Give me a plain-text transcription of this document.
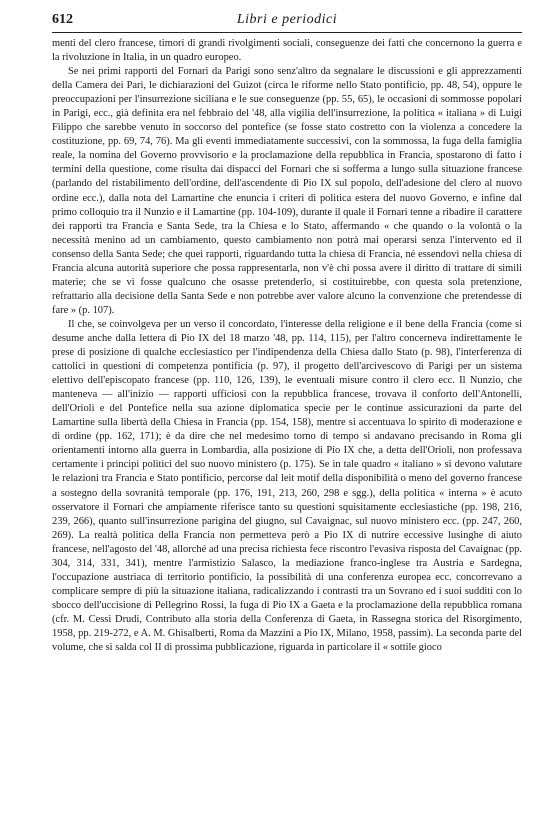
612	Libri e periodici

menti del clero francese, timori di grandi rivolgimenti sociali, conseguenze dei fatti che concernono la guerra e la rivoluzione in Italia, in un quadro europeo.

Se nei primi rapporti del Fornari da Parigi sono senz'altro da segnalare le discussioni e gli apprezzamenti della Camera dei Pari, le dichiarazioni del Guizot (circa le riforme nello Stato pontificio, pp. 48, 54), oppure le preoccupazioni per l'insurrezione siciliana e le sue conseguenze (pp. 55, 65), le occasioni di sommosse popolari in Parigi, ecc., già definita era nel febbraio del '48, alla vigilia dell'insurrezione, la politica « italiana » di Luigi Filippo che sarebbe venuto in soccorso del pontefice (se fosse stato costretto con la violenza a concedere la costituzione, pp. 69, 74, 76). Ma gli eventi immediatamente successivi, con la sommossa, la fuga della famiglia reale, la nomina del Governo provvisorio e la proclamazione della repubblica in Francia, spostarono di fatto i termini della questione, come risulta dai dispacci del Fornari che si sofferma a lungo sulla situazione francese (parlando del ristabilimento dell'ordine, dell'ascendente di Pio IX sul popolo, dell'adesione del clero al nuovo ordine ecc.), dalla nota del Lamartine che enuncia i criteri di politica estera del nuovo Governo, e infine dal primo colloquio tra il Nunzio e il Lamartine (pp. 104-109), durante il quale il Fornari tenne a ribadire il carattere dei rapporti tra Francia e Santa Sede, tra la Chiesa e lo Stato, affermando « che quando o la volontà o la necessità menino ad un cambiamento, questo cambiamento non potrà mai operarsi senza l'intervento ed il consenso della Santa Sede; che quei rapporti, riguardando tutta la chiesa di Francia, né essendovi nella chiesa di Francia alcuna autorità superiore che possa rappresentarla, non v'è chi possa avere il diritto di trattare di simili materie; che se vi fosse qualcuno che osasse pretenderlo, si costituirebbe, con questa sola pretenzione, refrattario alla decisione della Santa Sede e non potrebbe aver valore alcuno la convenzione che pretendesse di fare » (p. 107).

Il che, se coinvolgeva per un verso il concordato, l'interesse della religione e il bene della Francia (come si desume anche dalla lettera di Pio IX del 18 marzo '48, pp. 114, 115), per l'altro concerneva indirettamente le prese di posizione di qualche ecclesiastico per l'indipendenza della Chiesa dallo Stato (p. 98), l'interferenza di cattolici in questioni di competenza pontificia (p. 97), il progetto dell'arcivescovo di Parigi per un sistema elettivo dell'episcopato francese (pp. 110, 126, 139), le eventuali misure contro il clero ecc. Il Nunzio, che manteneva — all'inizio — rapporti ufficiosi con la repubblica francese, trovava il conforto dell'Antonelli, dell'Orioli e del Pontefice nella sua azione diplomatica specie per le continue assicurazioni da parte del Lamartine sulla libertà della Chiesa in Francia (pp. 154, 158), mentre si accentuava lo spirito di moderazione e di ordine (pp. 162, 171); è da dire che nel medesimo torno di tempo si andavano precisando in Roma gli orientamenti intorno alla guerra in Lombardia, alla posizione di Pio IX che, a detta dell'Orioli, non professava certamente i principi politici del suo nuovo ministero (p. 175). Se in tale quadro « italiano » si devono valutare le relazioni tra Francia e Stato pontificio, percorse dal leit motif della disponibilità o meno del governo francese a sostegno della sovranità temporale (pp. 176, 191, 213, 260, 298 e sgg.), della politica « interna » è acuto osservatore il Fornari che ampiamente riferisce tanto su questioni squisitamente ecclesiastiche (pp. 198, 216, 239, 266), quanto sull'insurrezione parigina del giugno, sul Cavaignac, sul nuovo ministero ecc. (pp. 247, 260, 269). La realtà politica della Francia non permetteva però a Pio IX di nutrire eccessive lusinghe di aiuto francese, nell'agosto del '48, allorché ad una precisa richiesta fece riscontro l'evasiva risposta del Cavaignac (pp. 304, 314, 331, 341), mentre l'armistizio Salasco, la mediazione franco-inglese tra Austria e Sardegna, l'occupazione austriaca di territorio pontificio, la possibilità di una conferenza europea ecc. concorrevano a complicare sempre di più la situazione italiana, radicalizzando i contrasti tra un Sovrano ed i suoi sudditi con lo sbocco dell'uccisione di Pellegrino Rossi, la fuga di Pio IX a Gaeta e la proclamazione della repubblica romana (cfr. M. Cessi Drudi, Contributo alla storia della Conferenza di Gaeta, in Rassegna storica del Risorgimento, 1958, pp. 219-272, e A. M. Ghisalberti, Roma da Mazzini a Pio IX, Milano, 1958, passim). La seconda parte del volume, che si salda col II di prossima pubblicazione, riguarda in particolare il « sottile gioco
